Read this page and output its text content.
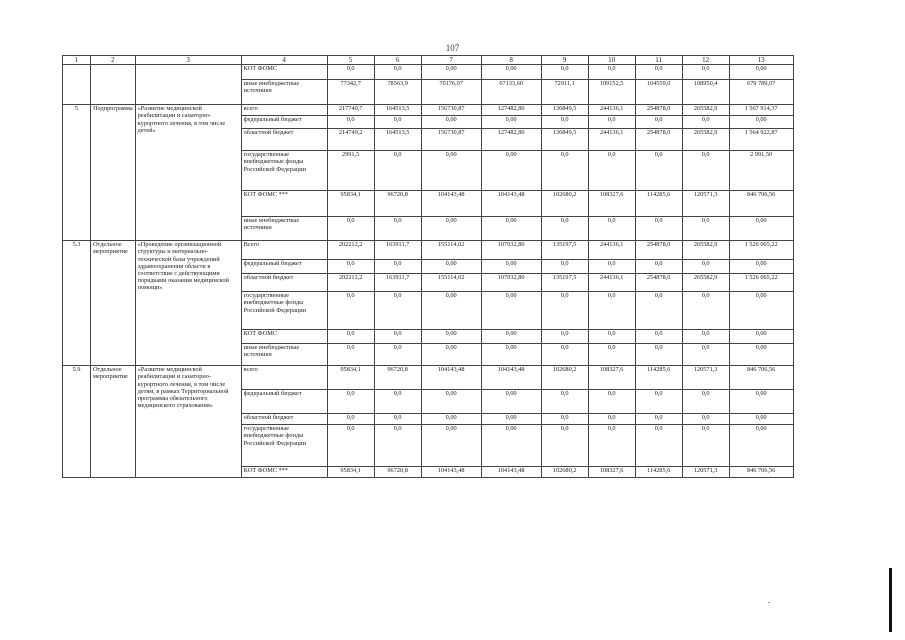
107
1	2	3	4	5	6	7	8	9	10	11	12	13
			КОТ ФОМС	0,0	0,0	0,00	0,00	0,0	0,0	0,0	0,0	0,00
			иные внебюджетные источники	77342,7	78563,9	70176,07	67133,60	72911,1	109152,5	104559,0	108950,4	679 789,07
5	Подпрограмма	«Развитие медицинской реабилитации и санаторно-курортного лечения, в том числе детей»	всего	217740,7	164513,5	156730,87	127482,80	136849,5	244136,1	254878,0	265582,9	1 567 914,37
			федеральный бюджет	0,0	0,0	0,00	0,00	0,0	0,0	0,0	0,0	0,00
			областной бюджет	214749,2	164513,5	156730,87	127482,80	136849,5	244136,1	254878,0	265582,9	1 564 922,87
			государственные внебюджетные фонды Российской Федерации	2991,5	0,0	0,00	0,00	0,0	0,0	0,0	0,0	2 991,50
			КОТ ФОМС ***	95834,1	96720,8	104143,48	104143,48	102680,2	108327,6	114285,6	120571,3	846 706,56
			иные внебюджетные источники	0,0	0,0	0,00	0,00	0,0	0,0	0,0	0,0	0,00
5.3	Отдельное мероприятие	«Проведение организационной структуры и материально-технической базы учреждений здравоохранения области в соответствие с действующими порядками оказания медицинской помощи»	Всего	202212,2	163911,7	155114,02	107032,80	135197,5	244136,1	254878,0	265582,9	1 526 065,22
			федеральный бюджет	0,0	0,0	0,00	0,00	0,0	0,0	0,0	0,0	0,00
			областной бюджет	202212,2	163911,7	155114,02	107032,80	135197,5	244136,1	254878,0	265582,9	1 526 065,22
			государственные внебюджетные фонды Российской Федерации	0,0	0,0	0,00	0,00	0,0	0,0	0,0	0,0	0,00
			КОТ ФОМС	0,0	0,0	0,00	0,00	0,0	0,0	0,0	0,0	0,00
			иные внебюджетные источники	0,0	0,0	0,00	0,00	0,0	0,0	0,0	0,0	0,00
5.9	Отдельное мероприятие	«Развитие медицинской реабилитации и санаторно-курортного лечения, в том числе детям, в рамках Территориальной программы обязательного медицинского страхования»	всего	95834,1	96720,8	104143,48	104143,48	102680,2	108327,6	114285,6	120571,3	846 706,56
			федеральный бюджет	0,0	0,0	0,00	0,00	0,0	0,0	0,0	0,0	0,00
			областной бюджет	0,0	0,0	0,00	0,00	0,0	0,0	0,0	0,0	0,00
			государственные внебюджетные фонды Российской Федерации	0,0	0,0	0,00	0,00	0,0	0,0	0,0	0,0	0,00
			КОТ ФОМС ***	95834,1	96720,8	104143,48	104143,48	102680,2	108327,6	114285,6	120571,3	846 706,56
